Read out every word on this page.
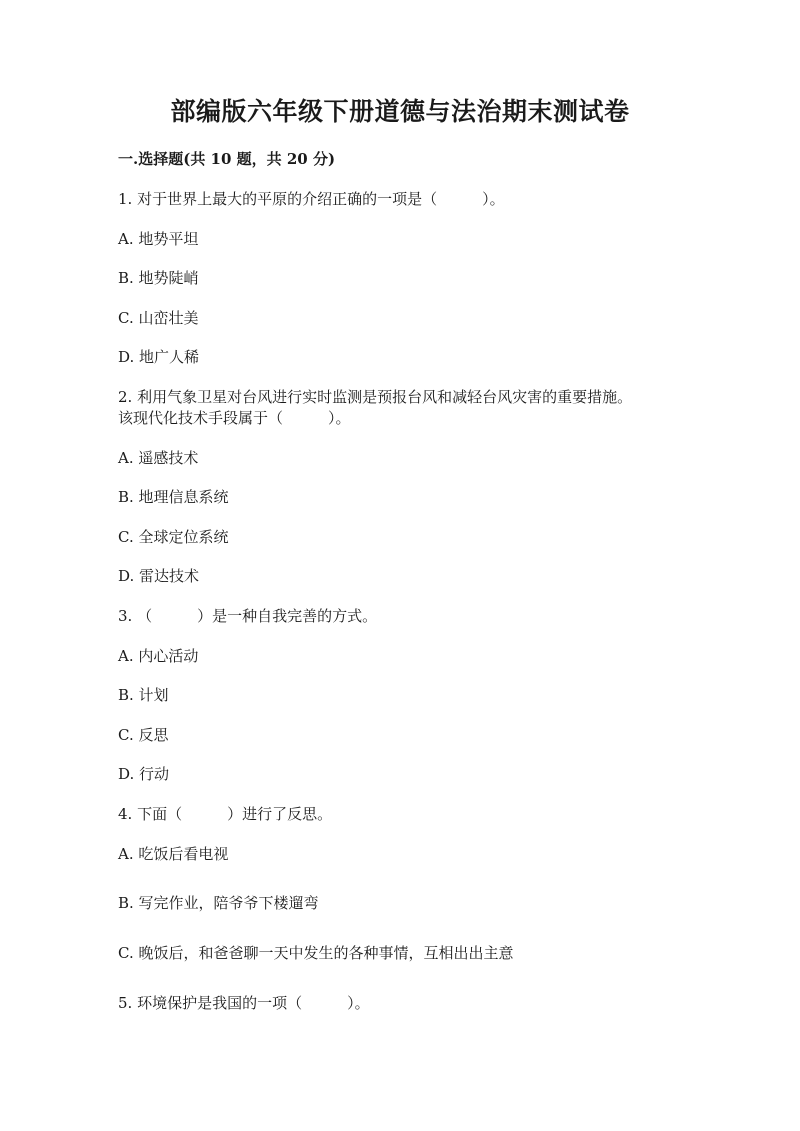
部编版六年级下册道德与法治期末测试卷
一.选择题(共 10 题，共 20 分)
1. 对于世界上最大的平原的介绍正确的一项是（　　　）。
A. 地势平坦
B. 地势陡峭
C. 山峦壮美
D. 地广人稀
2. 利用气象卫星对台风进行实时监测是预报台风和减轻台风灾害的重要措施。
该现代化技术手段属于（　　　）。
A. 遥感技术
B. 地理信息系统
C. 全球定位系统
D. 雷达技术
3. （　　　）是一种自我完善的方式。
A. 内心活动
B. 计划
C. 反思
D. 行动
4. 下面（　　　）进行了反思。
A. 吃饭后看电视
B. 写完作业，陪爷爷下楼遛弯
C. 晚饭后，和爸爸聊一天中发生的各种事情，互相出出主意
5. 环境保护是我国的一项（　　　）。
